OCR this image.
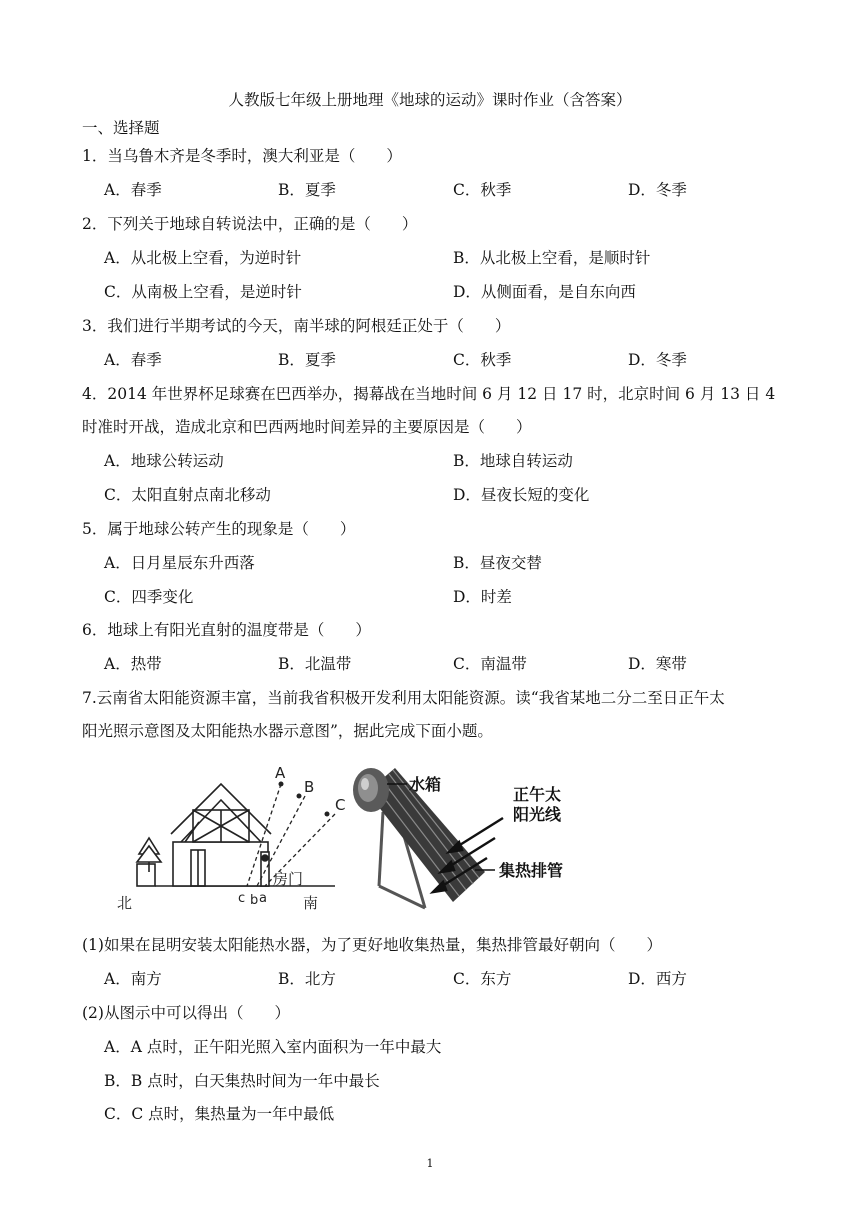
人教版七年级上册地理《地球的运动》课时作业（含答案）
一、选择题
1．当乌鲁木齐是冬季时，澳大利亚是（　　）
A．春季	B．夏季	C．秋季	D．冬季
2．下列关于地球自转说法中，正确的是（　　）
A．从北极上空看，为逆时针	B．从北极上空看，是顺时针
C．从南极上空看，是逆时针	D．从侧面看，是自东向西
3．我们进行半期考试的今天，南半球的阿根廷正处于（　　）
A．春季	B．夏季	C．秋季	D．冬季
4．2014 年世界杯足球赛在巴西举办，揭幕战在当地时间 6 月 12 日 17 时，北京时间 6 月 13 日 4
时准时开战，造成北京和巴西两地时间差异的主要原因是（　　）
A．地球公转运动	B．地球自转运动
C．太阳直射点南北移动	D．昼夜长短的变化
5．属于地球公转产生的现象是（　　）
A．日月星辰东升西落	B．昼夜交替
C．四季变化	D．时差
6．地球上有阳光直射的温度带是（　　）
A．热带	B．北温带	C．南温带	D．寒带
7.云南省太阳能资源丰富，当前我省积极开发利用太阳能资源。读“我省某地二分二至日正午太
阳光照示意图及太阳能热水器示意图”，据此完成下面小题。
A
B
C
北	南
房门
c b a
水箱
正午太
阳光线
集热排管
(1)如果在昆明安装太阳能热水器，为了更好地收集热量，集热排管最好朝向（　　）
A．南方	B．北方	C．东方	D．西方
(2)从图示中可以得出（　　）
A．A 点时，正午阳光照入室内面积为一年中最大
B．B 点时，白天集热时间为一年中最长
C．C 点时，集热量为一年中最低
1
